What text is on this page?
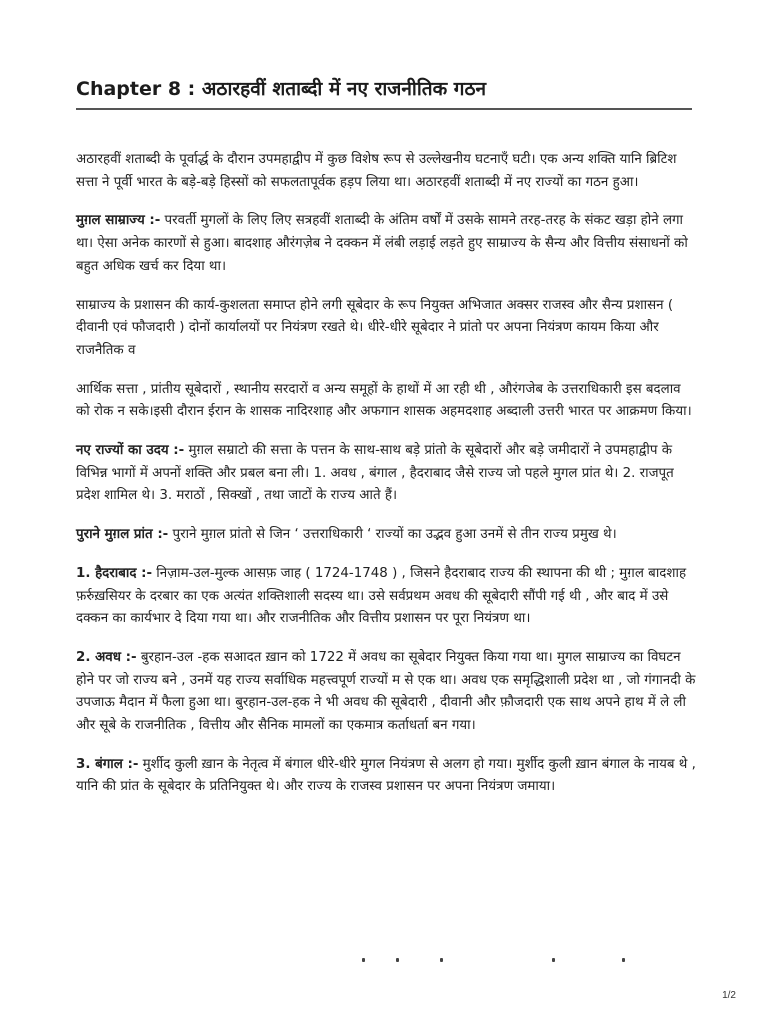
Chapter 8 : अठारहवीं शताब्दी में नए राजनीतिक गठन

अठारहवीं शताब्दी के पूर्वार्द्ध के दौरान उपमहाद्वीप में कुछ विशेष रूप से उल्लेखनीय घटनाएँ घटी। एक अन्य शक्ति यानि ब्रिटिश सत्ता ने पूर्वी भारत के बड़े-बड़े हिस्सों को सफलतापूर्वक हड़प लिया था। अठारहवीं शताब्दी में नए राज्यों का गठन हुआ।

मुग़ल साम्राज्य :- परवर्ती मुगलों के लिए लिए सत्रहवीं शताब्दी के अंतिम वर्षों में उसके सामने तरह-तरह के संकट खड़ा होने लगा था। ऐसा अनेक कारणों से हुआ। बादशाह औरंगज़ेब ने दक्कन में लंबी लड़ाई लड़ते हुए साम्राज्य के सैन्य और वित्तीय संसाधनों को बहुत अधिक खर्च कर दिया था।

साम्राज्य के प्रशासन की कार्य-कुशलता समाप्त होने लगी सूबेदार के रूप नियुक्त अभिजात अक्सर राजस्व और सैन्य प्रशासन ( दीवानी एवं फौजदारी ) दोनों कार्यालयों पर नियंत्रण रखते थे। धीरे-धीरे सूबेदार ने प्रांतो पर अपना नियंत्रण कायम किया और राजनैतिक व

आर्थिक सत्ता , प्रांतीय सूबेदारों , स्थानीय सरदारों व अन्य समूहों के हाथों में आ रही थी , औरंगजेब के उत्तराधिकारी इस बदलाव को रोक न सके।इसी दौरान ईरान के शासक नादिरशाह और अफगान शासक अहमदशाह अब्दाली उत्तरी भारत पर आक्रमण किया।

नए राज्यों का उदय :- मुग़ल सम्राटो की सत्ता के पत्तन के साथ-साथ बड़े प्रांतो के सूबेदारों और बड़े जमीदारों ने उपमहाद्वीप के विभिन्न भागों में अपनों शक्ति और प्रबल बना ली। 1. अवध , बंगाल , हैदराबाद जैसे राज्य जो पहले मुगल प्रांत थे। 2. राजपूत प्रदेश शामिल थे। 3. मराठों , सिक्खों , तथा जाटों के राज्य आते हैं।

पुराने मुग़ल प्रांत :- पुराने मुग़ल प्रांतो से जिन ‘ उत्तराधिकारी ‘ राज्यों का उद्भव हुआ उनमें से तीन राज्य प्रमुख थे।

1. हैदराबाद :- निज़ाम-उल-मुल्क आसफ़ जाह ( 1724-1748 ) , जिसने हैदराबाद राज्य की स्थापना की थी ; मुग़ल बादशाह फ़र्रुख़सियर के दरबार का एक अत्यंत शक्तिशाली सदस्य था। उसे सर्वप्रथम अवध की सूबेदारी सौंपी गई थी , और बाद में उसे दक्कन का कार्यभार दे दिया गया था। और राजनीतिक और वित्तीय प्रशासन पर पूरा नियंत्रण था।

2. अवध :- बुरहान-उल -हक सआदत ख़ान को 1722 में अवध का सूबेदार नियुक्त किया गया था। मुगल साम्राज्य का विघटन होने पर जो राज्य बने , उनमें यह राज्य सर्वाधिक महत्त्वपूर्ण राज्यों म से एक था। अवध एक समृद्धिशाली प्रदेश था , जो गंगानदी के उपजाऊ मैदान में फैला हुआ था। बुरहान-उल-हक ने भी अवध की सूबेदारी , दीवानी और फ़ौजदारी एक साथ अपने हाथ में ले ली और सूबे के राजनीतिक , वित्तीय और सैनिक मामलों का एकमात्र कर्ताधर्ता बन गया।

3. बंगाल :- मुर्शीद कुली ख़ान के नेतृत्व में बंगाल धीरे-धीरे मुगल नियंत्रण से अलग हो गया। मुर्शीद कुली ख़ान बंगाल के नायब थे , यानि की प्रांत के सूबेदार के प्रतिनियुक्त थे। और राज्य के राजस्व प्रशासन पर अपना नियंत्रण जमाया।

1/2
